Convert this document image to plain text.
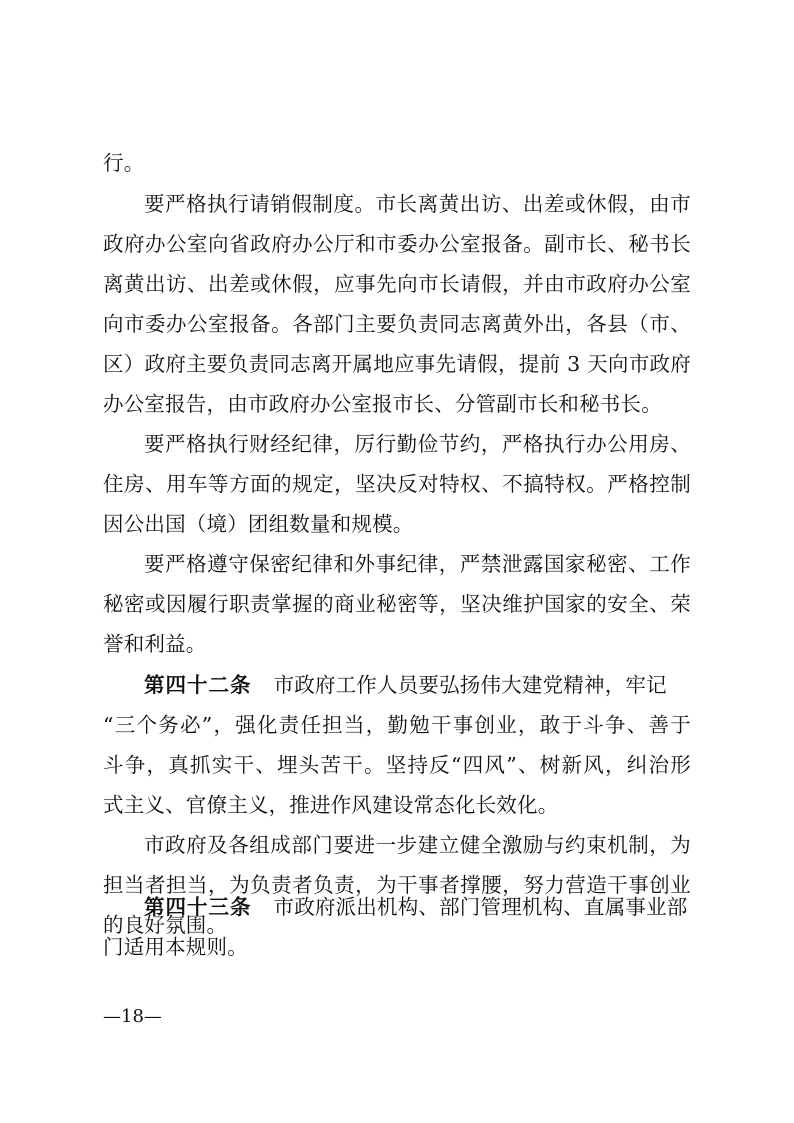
行。
要严格执行请销假制度。市长离黄出访、出差或休假，由市
政府办公室向省政府办公厅和市委办公室报备。副市长、秘书长
离黄出访、出差或休假，应事先向市长请假，并由市政府办公室
向市委办公室报备。各部门主要负责同志离黄外出，各县（市、
区）政府主要负责同志离开属地应事先请假，提前 3 天向市政府
办公室报告，由市政府办公室报市长、分管副市长和秘书长。
要严格执行财经纪律，厉行勤俭节约，严格执行办公用房、
住房、用车等方面的规定，坚决反对特权、不搞特权。严格控制
因公出国（境）团组数量和规模。
要严格遵守保密纪律和外事纪律，严禁泄露国家秘密、工作
秘密或因履行职责掌握的商业秘密等，坚决维护国家的安全、荣
誉和利益。
第四十二条 市政府工作人员要弘扬伟大建党精神，牢记
“三个务必”，强化责任担当，勤勉干事创业，敢于斗争、善于
斗争，真抓实干、埋头苦干。坚持反“四风”、树新风，纠治形
式主义、官僚主义，推进作风建设常态化长效化。
市政府及各组成部门要进一步建立健全激励与约束机制，为
担当者担当，为负责者负责，为干事者撑腰，努力营造干事创业
的良好氛围。
第四十三条 市政府派出机构、部门管理机构、直属事业部
门适用本规则。
—18—
